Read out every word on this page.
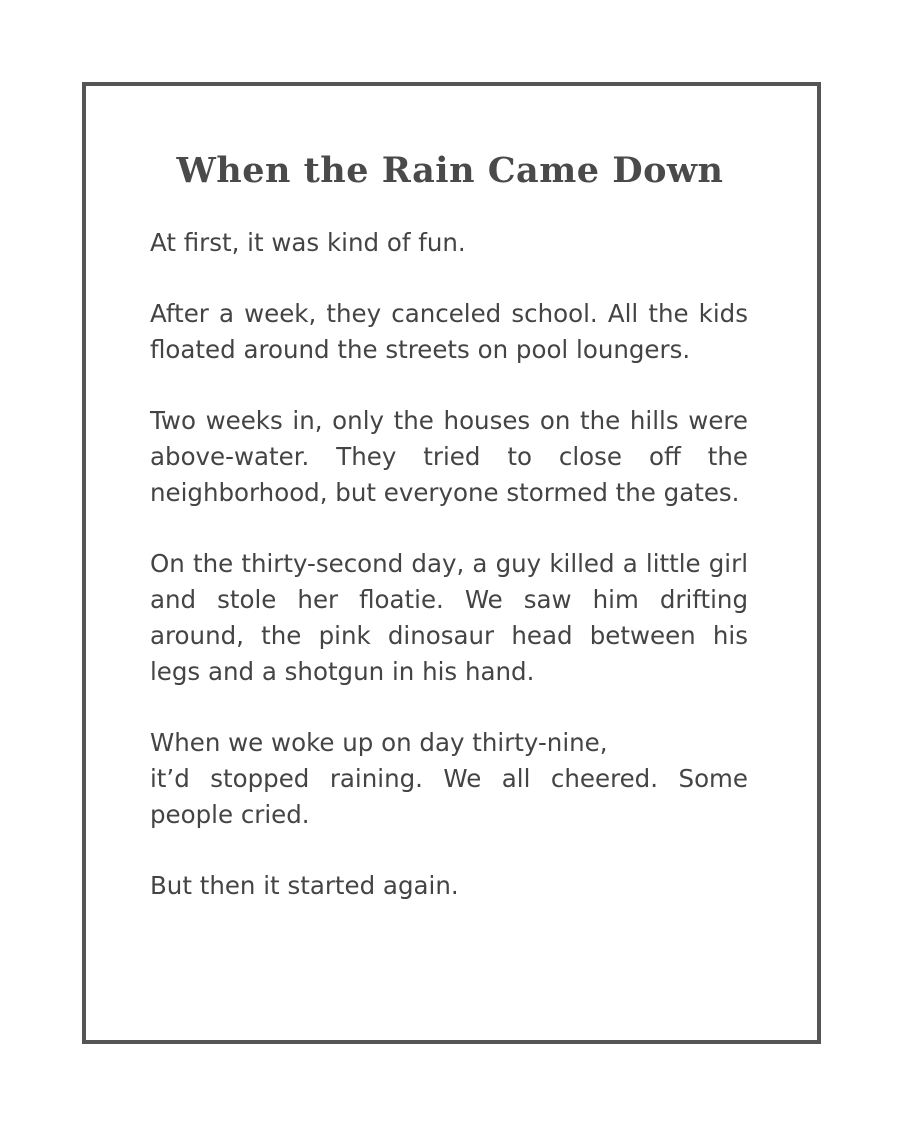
When the Rain Came Down

At first, it was kind of fun.

After a week, they canceled school. All the kids floated around the streets on pool loungers.

Two weeks in, only the houses on the hills were above-water. They tried to close off the neighborhood, but everyone stormed the gates.

On the thirty-second day, a guy killed a little girl and stole her floatie. We saw him drifting around, the pink dinosaur head between his legs and a shotgun in his hand.

When we woke up on day thirty-nine,
it’d stopped raining. We all cheered. Some people cried.

But then it started again.
